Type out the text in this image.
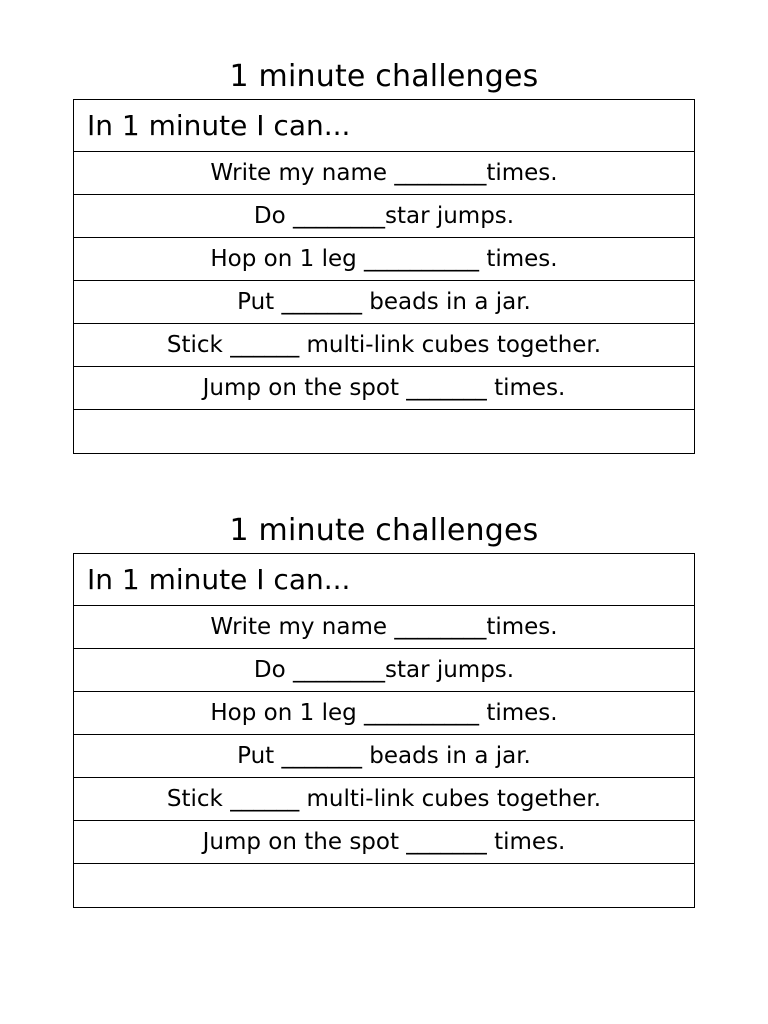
1 minute challenges
In 1 minute I can...
Write my name ________times.
Do ________star jumps.
Hop on 1 leg __________ times.
Put _______ beads in a jar.
Stick ______ multi-link cubes together.
Jump on the spot _______ times.
1 minute challenges
In 1 minute I can...
Write my name ________times.
Do ________star jumps.
Hop on 1 leg __________ times.
Put _______ beads in a jar.
Stick ______ multi-link cubes together.
Jump on the spot _______ times.
